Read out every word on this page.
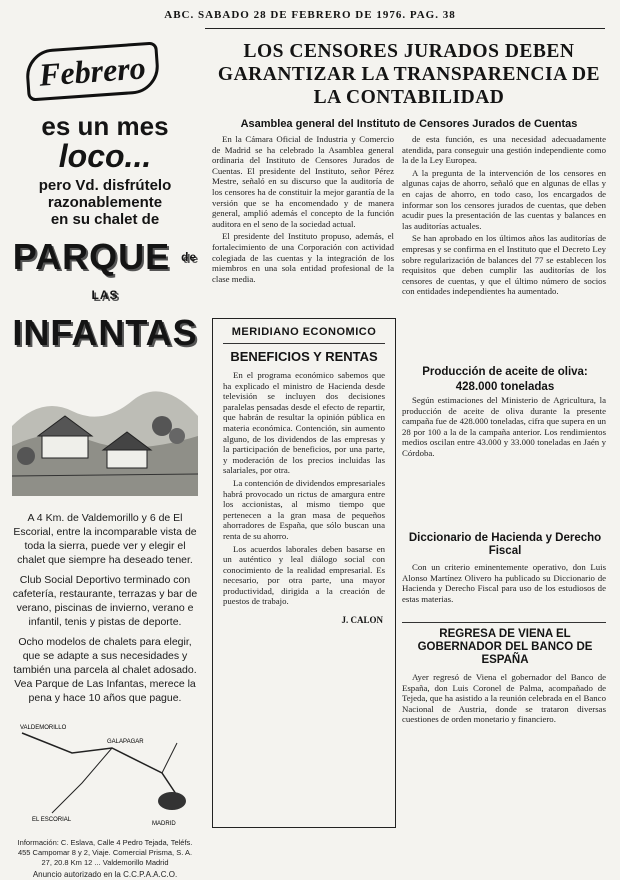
ABC. SABADO 28 DE FEBRERO DE 1976. PAG. 38
Febrero
es un mes
loco...
pero Vd. disfrútelo
razonablemente
en su chalet de
PARQUE $^{de LAS}$
INFANTAS
A 4 Km. de Valdemorillo y 6 de El Escorial, entre la incomparable vista de toda la sierra, puede ver y elegir el chalet que siempre ha deseado tener.
Club Social Deportivo terminado con cafetería, restaurante, terrazas y bar de verano, piscinas de invierno, verano e infantil, tenis y pistas de deporte.
Ocho modelos de chalets para elegir, que se adapte a sus necesidades y también una parcela al chalet adosado. Vea Parque de Las Infantas, merece la pena y hace 10 años que pague.
VALDEMORILLO
EL ESCORIAL
GALAPAGAR
MADRID
Información: C. Eslava, Calle 4 Pedro Tejada, Teléfs. 455 Campomar 8 y 2, Viaje. Comercial Prisma, S. A. 27, 20.8 Km 12 ... Valdemorillo Madrid
Anuncio autorizado en la C.C.P.A.A.C.O.
LOS CENSORES JURADOS DEBEN GARANTIZAR LA TRANSPARENCIA DE LA CONTABILIDAD
Asamblea general del Instituto de Censores Jurados de Cuentas

En la Cámara Oficial de Industria y Comercio de Madrid se ha celebrado la Asamblea general ordinaria del Instituto de Censores Jurados de Cuentas. El presidente del Instituto, señor Pérez Mestre, señaló en su discurso que la auditoría de los censores ha de constituir la mejor garantía de la versión que se ha encomendado y de manera general, amplió además el concepto de la función auditora en el seno de la sociedad actual.

El presidente del Instituto propuso, además, el fortalecimiento de una Corporación con actividad colegiada de las cuentas y la integración de los miembros en una sola entidad profesional de la clase media.

de esta función, es una necesidad adecuadamente atendida, para conseguir una gestión independiente como la de la Ley Europea.

A la pregunta de la intervención de los censores en algunas cajas de ahorro, señaló que en algunas de ellas y en cajas de ahorro, en todo caso, los encargados de informar son los censores jurados de cuentas, que deben acudir pues la presentación de las cuentas y balances en las auditorías actuales.

Se han aprobado en los últimos años las auditorías de empresas y se confirma en el Instituto que el Decreto Ley sobre regularización de balances del 77 se establecen los requisitos que deben cumplir las auditorías de los censores de cuentas, y que el último número de socios con entidades independientes ha aumentado.

MERIDIANO ECONOMICO
BENEFICIOS Y RENTAS

En el programa económico sabemos que ha explicado el ministro de Hacienda desde televisión se incluyen dos decisiones paralelas pensadas desde el efecto de repartir, que habrán de resultar la opinión pública en materia económica. Contención, sin aumento alguno, de los dividendos de las empresas y la participación de beneficios, por una parte, y moderación de los precios incluidas las salariales, por otra.

La contención de dividendos empresariales habrá provocado un rictus de amargura entre los accionistas, al mismo tiempo que pertenecen a la gran masa de pequeños ahorradores de España, que sólo buscan una renta de su ahorro.

Los acuerdos laborales deben basarse en un auténtico y leal diálogo social con conocimiento de la realidad empresarial. Es necesario, por otra parte, una mayor productividad, dirigida a la creación de puestos de trabajo.

J. CALON
Producción de aceite de oliva:
428.000 toneladas

Según estimaciones del Ministerio de Agricultura, la producción de aceite de oliva durante la presente campaña fue de 428.000 toneladas, cifra que supera en un 28 por 100 a la de la campaña anterior. Los rendimientos medios oscilan entre 43.000 y 33.000 toneladas en Jaén y Córdoba.

Diccionario de Hacienda y Derecho Fiscal

Con un criterio eminentemente operativo, don Luis Alonso Martínez Olivero ha publicado su Diccionario de Hacienda y Derecho Fiscal para uso de los estudiosos de estas materias.

REGRESA DE VIENA EL GOBERNADOR DEL BANCO DE ESPAÑA

Ayer regresó de Viena el gobernador del Banco de España, don Luis Coronel de Palma, acompañado de Tejeda, que ha asistido a la reunión celebrada en el Banco Nacional de Austria, donde se trataron diversas cuestiones de orden monetario y financiero.
